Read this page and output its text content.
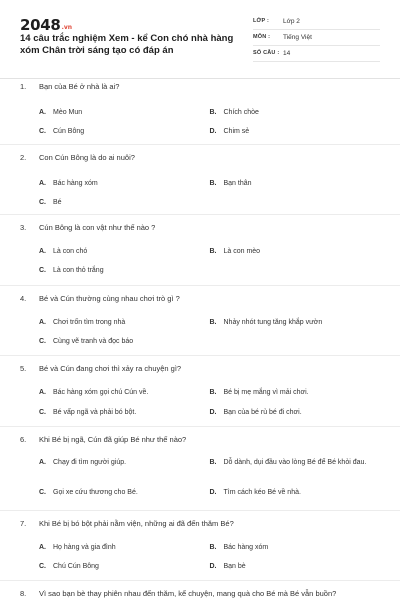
2048.vn
14 câu trắc nghiệm Xem - kể Con chó nhà hàng xóm Chân trời sáng tạo có đáp án
LỚP : Lớp 2
MÔN : Tiếng Việt
SỐ CÂU : 14
1. Bạn của Bé ở nhà là ai?
A. Mèo Mun	B. Chích chòe
C. Cún Bông	D. Chim sẻ
2. Con Cún Bông là do ai nuôi?
A. Bác hàng xóm	B. Bạn thân
C. Bé
3. Cún Bông là con vật như thế nào ?
A. Là con chó	B. Là con mèo
C. Là con thỏ trắng
4. Bé và Cún thường cùng nhau chơi trò gì ?
A. Chơi trốn tìm trong nhà	B. Nhảy nhót tung tăng khắp vườn
C. Cùng vẽ tranh và đọc báo
5. Bé và Cún đang chơi thì xảy ra chuyện gì?
A. Bác hàng xóm gọi chú Cún về.	B. Bé bị mẹ mắng vì mải chơi.
C. Bé vấp ngã và phải bó bột.	D. Bạn của bé rủ bé đi chơi.
6. Khi Bé bị ngã, Cún đã giúp Bé như thế nào?
A. Chạy đi tìm người giúp.	B. Dỗ dành, dụi đầu vào lòng Bé để Bé khỏi đau.
C. Gọi xe cứu thương cho Bé.	D. Tìm cách kéo Bé về nhà.
7. Khi Bé bị bó bột phải nằm viện, những ai đã đến thăm Bé?
A. Họ hàng và gia đình	B. Bác hàng xóm
C. Chú Cún Bông	D. Bạn bè
8. Vì sao bạn bè thay phiên nhau đến thăm, kể chuyện, mang quà cho Bé mà Bé vẫn buồn?
